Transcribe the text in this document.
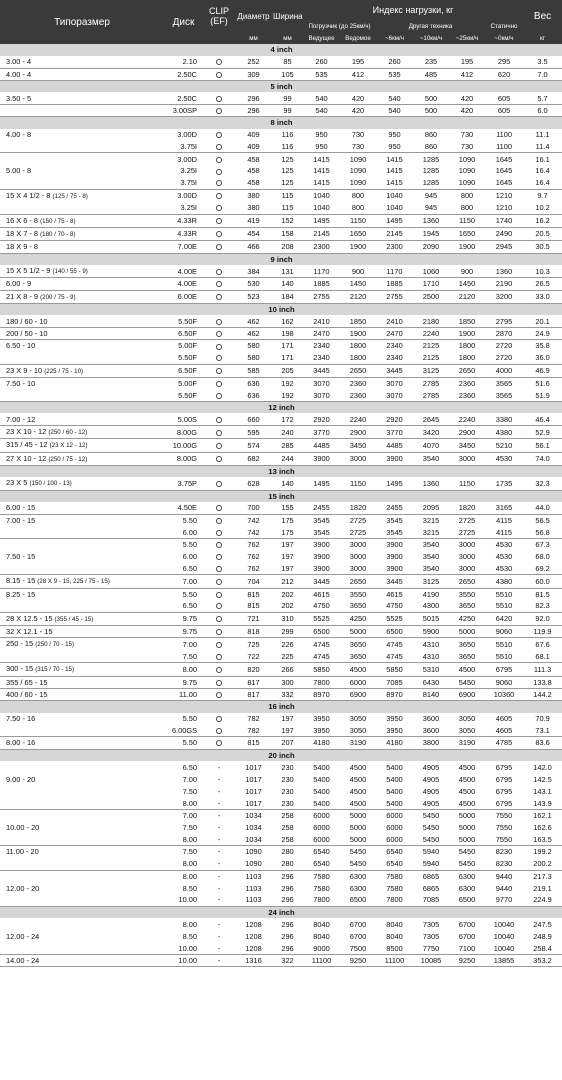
Типоразмер	Диск	CLIP
(EF)	Диаметр	Ширина	Индекс нагрузки, кг						Вес
					Погрузчик (до 25км/ч)		Другая техника			Статично	
			мм	мм	Ведущее	Ведомое	~6км/ч	~10км/ч	~25км/ч	~0км/ч	кг
4 inch											
3.00 - 4	2.10		252	85	260	195	260	235	195	295	3.5
4.00 - 4	2.50C		309	105	535	412	535	485	412	620	7.0
5 inch											
3.50 - 5	2.50C		296	99	540	420	540	500	420	605	5.7
	3.00SP		296	99	540	420	540	500	420	605	6.0
8 inch											
4.00 - 8	3.00D		409	116	950	730	950	860	730	1100	11.1
	3.75I		409	116	950	730	950	860	730	1100	11.4
	3.00D		458	125	1415	1090	1415	1285	1090	1645	16.1
5.00 - 8	3.25I		458	125	1415	1090	1415	1285	1090	1645	16.4
	3.75I		458	125	1415	1090	1415	1285	1090	1645	16.4
15 X 4 1/2 - 8 (125 / 75 - 8)	3.00D		380	115	1040	800	1040	945	800	1210	9.7
	3.25I		380	115	1040	800	1040	945	800	1210	10.2
16 X 6 - 8 (150 / 75 - 8)	4.33R		419	152	1495	1150	1495	1360	1150	1740	16.2
18 X 7 - 8 (180 / 70 - 8)	4.33R		454	158	2145	1650	2145	1945	1650	2490	20.5
18 X 9 - 8	7.00E		466	208	2300	1900	2300	2090	1900	2945	30.5
9 inch											
15 X 5 1/2 - 9 (140 / 55 - 9)	4.00E		384	131	1170	900	1170	1060	900	1360	10.3
6.00 - 9	4.00E		530	140	1885	1450	1885	1710	1450	2190	26.5
21 X 8 - 9 (200 / 75 - 9)	6.00E		523	184	2755	2120	2755	2500	2120	3200	33.0
10 inch											
180 / 60 - 10	5.50F		462	162	2410	1850	2410	2180	1850	2795	20.1
200 / 50 - 10	6.50F		462	198	2470	1900	2470	2240	1900	2870	24.9
6.50 - 10	5.00F		580	171	2340	1800	2340	2125	1800	2720	35.8
	5.50F		580	171	2340	1800	2340	2125	1800	2720	36.0
23 X 9 - 10 (225 / 75 - 10)	6.50F		585	205	3445	2650	3445	3125	2650	4000	46.9
7.50 - 10	5.00F		636	192	3070	2360	3070	2785	2360	3565	51.6
	5.50F		636	192	3070	2360	3070	2785	2360	3565	51.9
12 inch											
7.00 - 12	5.00S		660	172	2920	2240	2920	2645	2240	3380	46.4
23 X 10 - 12 (250 / 60 - 12)	8.00G		595	240	3770	2900	3770	3420	2900	4380	52.9
315 / 45 - 12 (23 X 12 - 12)	10.00G		574	285	4485	3450	4485	4070	3450	5210	56.1
27 X 10 - 12 (250 / 75 - 12)	8.00G		682	244	3900	3000	3900	3540	3000	4530	74.0
13 inch											
23 X 5 (150 / 100 - 13)	3.75P		628	140	1495	1150	1495	1360	1150	1735	32.3
15 inch											
6.00 - 15	4.50E		700	155	2455	1820	2455	2095	1820	3165	44.0
7.00 - 15	5.50		742	175	3545	2725	3545	3215	2725	4115	56.5
	6.00		742	175	3545	2725	3545	3215	2725	4115	56.8
	5.50		762	197	3900	3000	3900	3540	3000	4530	67.3
7.50 - 15	6.00		762	197	3900	3000	3900	3540	3000	4530	68.0
	6.50		762	197	3900	3000	3900	3540	3000	4530	69.2
8.15 - 15 (28 X 9 - 15, 225 / 75 - 15)	7.00		704	212	3445	2650	3445	3125	2650	4380	60.0
8.25 - 15	5.50		815	202	4615	3550	4615	4190	3550	5510	81.5
	6.50		815	202	4750	3650	4750	4300	3650	5510	82.3
28 X 12.5 - 15 (355 / 45 - 15)	9.75		721	310	5525	4250	5525	5015	4250	6420	92.0
32 X 12.1 - 15	9.75		818	299	6500	5000	6500	5900	5000	9060	119.9
250 - 15 (250 / 70 - 15)	7.00		725	226	4745	3650	4745	4310	3650	5510	67.6
	7.50		722	225	4745	3650	4745	4310	3650	5510	68.1
300 - 15 (315 / 70 - 15)	8.00		820	266	5850	4500	5850	5310	4500	6795	111.3
355 / 65 - 15	9.75		817	300	7800	6000	7085	6430	5450	9060	133.8
400 / 60 - 15	11.00		817	332	8970	6900	8970	8140	6900	10360	144.2
16 inch											
7.50 - 16	5.50		782	197	3950	3050	3950	3600	3050	4605	70.9
	6.00GS		782	197	3950	3050	3950	3600	3050	4605	73.1
8.00 - 16	5.50		815	207	4180	3190	4180	3800	3190	4785	83.6
20 inch											
	6.50	-	1017	230	5400	4500	5400	4905	4500	6795	142.0
9.00 - 20	7.00	-	1017	230	5400	4500	5400	4905	4500	6795	142.5
	7.50	-	1017	230	5400	4500	5400	4905	4500	6795	143.1
	8.00	-	1017	230	5400	4500	5400	4905	4500	6795	143.9
	7.00	-	1034	258	6000	5000	6000	5450	5000	7550	162.1
10.00 - 20	7.50	-	1034	258	6000	5000	6000	5450	5000	7550	162.6
	8.00	-	1034	258	6000	5000	6000	5450	5000	7550	163.5
11.00 - 20	7.50	-	1090	280	6540	5450	6540	5940	5450	8230	199.2
	8.00	-	1090	280	6540	5450	6540	5940	5450	8230	200.2
	8.00	-	1103	296	7580	6300	7580	6865	6300	9440	217.3
12.00 - 20	8.50	-	1103	296	7580	6300	7580	6865	6300	9440	219.1
	10.00	-	1103	296	7800	6500	7800	7085	6500	9770	224.9
24 inch											
	8.00	-	1208	296	8040	6700	8040	7305	6700	10040	247.5
12.00 - 24	8.50	-	1208	296	8040	6700	8040	7305	6700	10040	248.9
	10.00	-	1208	296	9000	7500	8500	7750	7100	10040	258.4
14.00 - 24	10.00	-	1316	322	11100	9250	11100	10085	9250	13855	353.2
